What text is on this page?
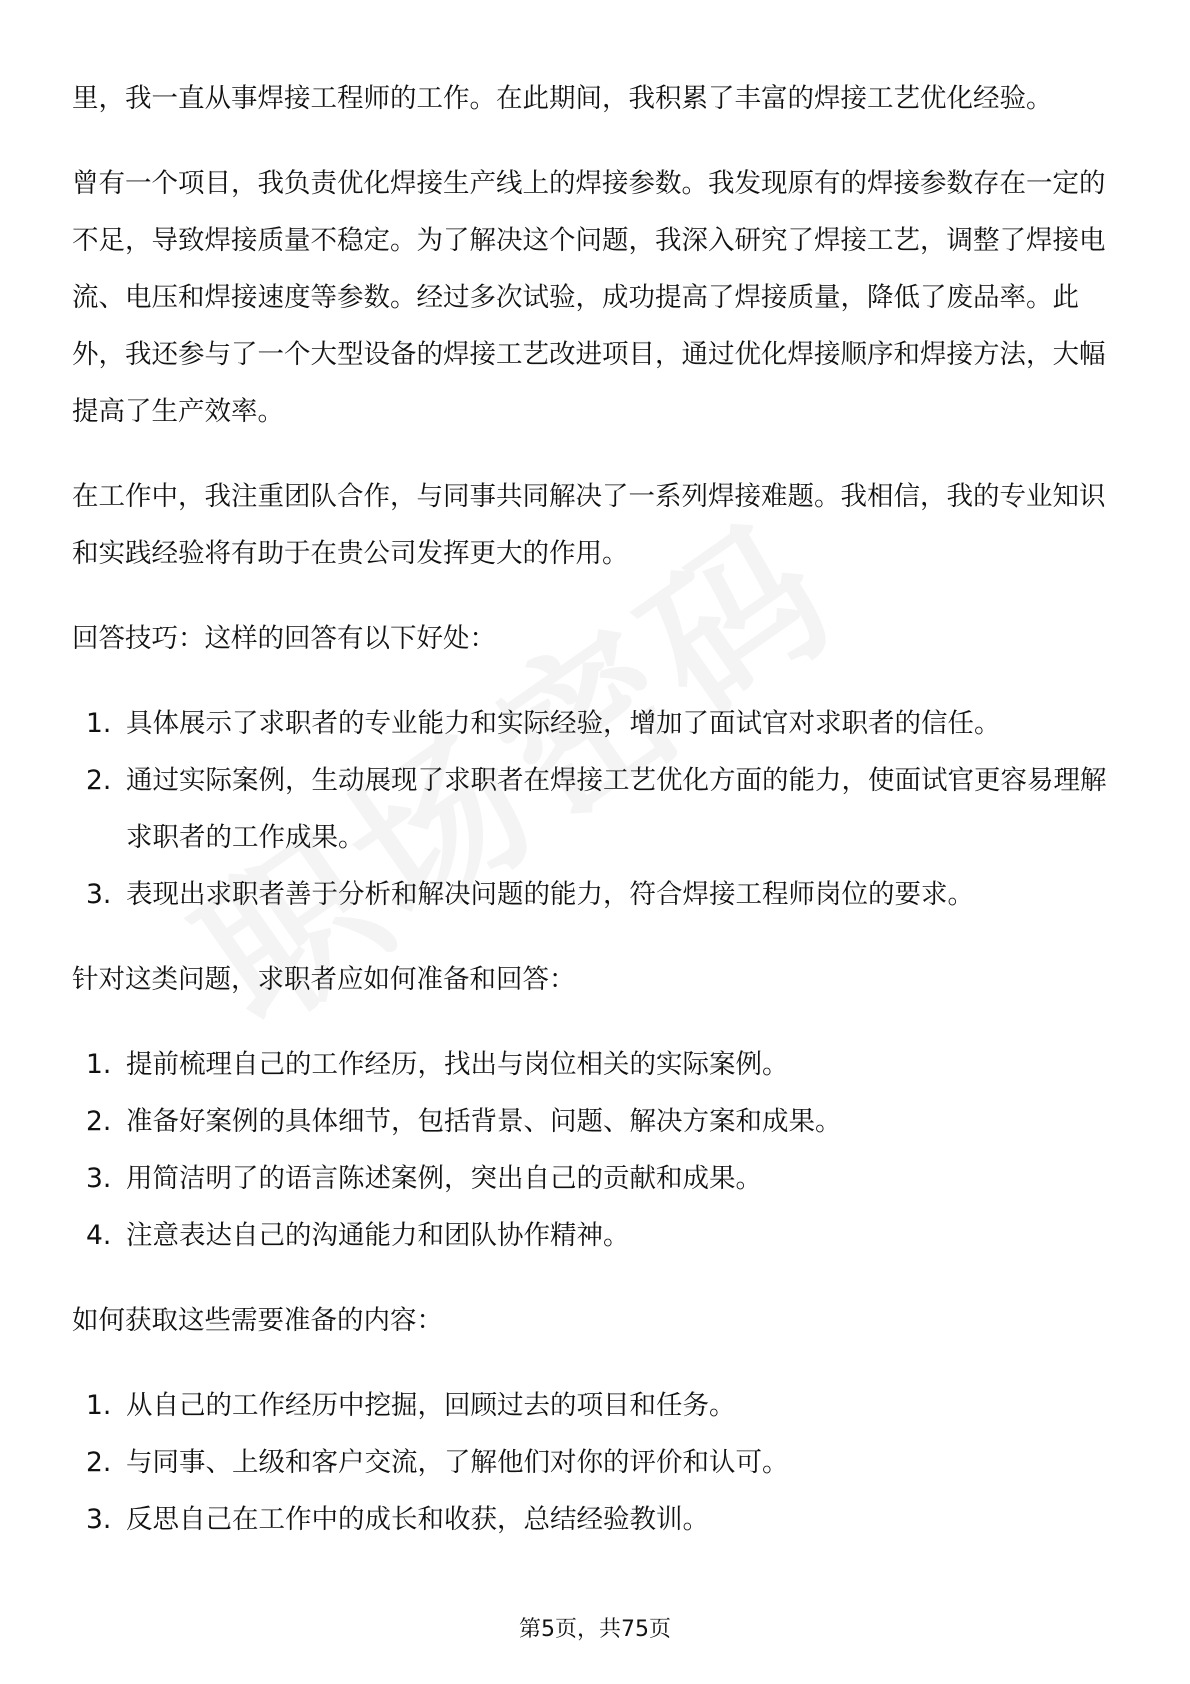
里，我一直从事焊接工程师的工作。在此期间，我积累了丰富的焊接工艺优化经验。

曾有一个项目，我负责优化焊接生产线上的焊接参数。我发现原有的焊接参数存在一定的不足，导致焊接质量不稳定。为了解决这个问题，我深入研究了焊接工艺，调整了焊接电流、电压和焊接速度等参数。经过多次试验，成功提高了焊接质量，降低了废品率。此外，我还参与了一个大型设备的焊接工艺改进项目，通过优化焊接顺序和焊接方法，大幅提高了生产效率。

在工作中，我注重团队合作，与同事共同解决了一系列焊接难题。我相信，我的专业知识和实践经验将有助于在贵公司发挥更大的作用。

回答技巧：这样的回答有以下好处：

1. 具体展示了求职者的专业能力和实际经验，增加了面试官对求职者的信任。
2. 通过实际案例，生动展现了求职者在焊接工艺优化方面的能力，使面试官更容易理解求职者的工作成果。
3. 表现出求职者善于分析和解决问题的能力，符合焊接工程师岗位的要求。

针对这类问题，求职者应如何准备和回答：

1. 提前梳理自己的工作经历，找出与岗位相关的实际案例。
2. 准备好案例的具体细节，包括背景、问题、解决方案和成果。
3. 用简洁明了的语言陈述案例，突出自己的贡献和成果。
4. 注意表达自己的沟通能力和团队协作精神。

如何获取这些需要准备的内容：

1. 从自己的工作经历中挖掘，回顾过去的项目和任务。
2. 与同事、上级和客户交流，了解他们对你的评价和认可。
3. 反思自己在工作中的成长和收获，总结经验教训。
第5页，共75页
